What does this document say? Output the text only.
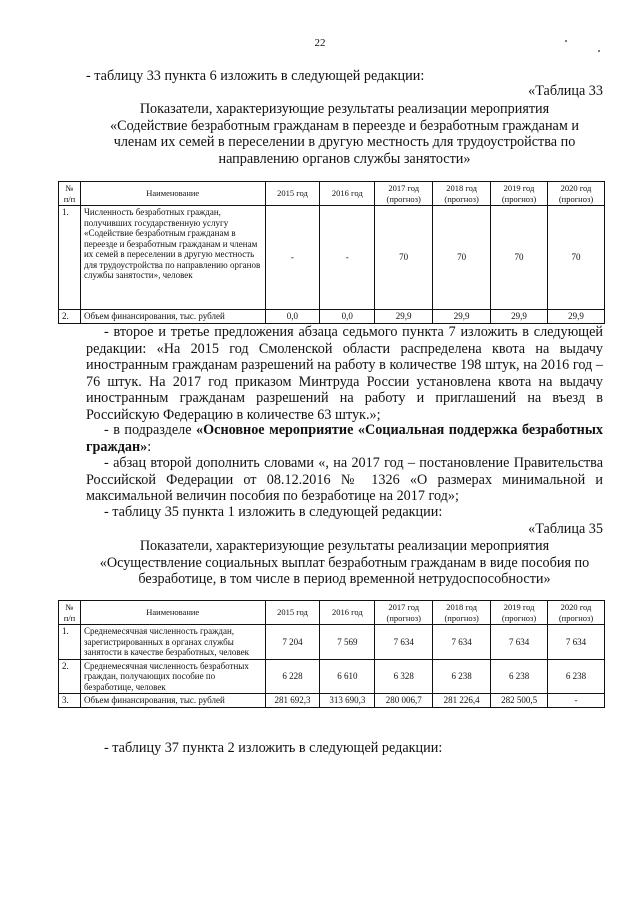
22
- таблицу 33 пункта 6 изложить в следующей редакции:
«Таблица 33
Показатели, характеризующие результаты реализации мероприятия
«Содействие безработным гражданам в переезде и безработным гражданам и
членам их семей в переселении в другую местность для трудоустройства по
направлению органов службы занятости»
№ п/п	Наименование	2015 год	2016 год	2017 год (прогноз)	2018 год (прогноз)	2019 год (прогноз)	2020 год (прогноз)
1.	Численность безработных граждан, получивших государственную услугу «Содействие безработным гражданам в переезде и безработным гражданам и членам их семей в переселении в другую местность для трудоустройства по направлению органов службы занятости», человек	-	-	70	70	70	70
2.	Объем финансирования, тыс. рублей	0,0	0,0	29,9	29,9	29,9	29,9
- второе и третье предложения абзаца седьмого пункта 7 изложить в следующей редакции: «На 2015 год Смоленской области распределена квота на выдачу иностранным гражданам разрешений на работу в количестве 198 штук, на 2016 год – 76 штук. На 2017 год приказом Минтруда России установлена квота на выдачу иностранным гражданам разрешений на работу и приглашений на въезд в Российскую Федерацию в количестве 63 штук.»;
- в подразделе «Основное мероприятие «Социальная поддержка безработных граждан»:
- абзац второй дополнить словами «, на 2017 год – постановление Правительства Российской Федерации от 08.12.2016 № 1326 «О размерах минимальной и максимальной величин пособия по безработице на 2017 год»;
- таблицу 35 пункта 1 изложить в следующей редакции:
«Таблица 35
Показатели, характеризующие результаты реализации мероприятия
«Осуществление социальных выплат безработным гражданам в виде пособия по
безработице, в том числе в период временной нетрудоспособности»
№ п/п	Наименование	2015 год	2016 год	2017 год (прогноз)	2018 год (прогноз)	2019 год (прогноз)	2020 год (прогноз)
1.	Среднемесячная численность граждан, зарегистрированных в органах службы занятости в качестве безработных, человек	7 204	7 569	7 634	7 634	7 634	7 634
2.	Среднемесячная численность безработных граждан, получающих пособие по безработице, человек	6 228	6 610	6 328	6 238	6 238	6 238
3.	Объем финансирования, тыс. рублей	281 692,3	313 690,3	280 006,7	281 226,4	282 500,5	-
- таблицу 37 пункта 2 изложить в следующей редакции:
